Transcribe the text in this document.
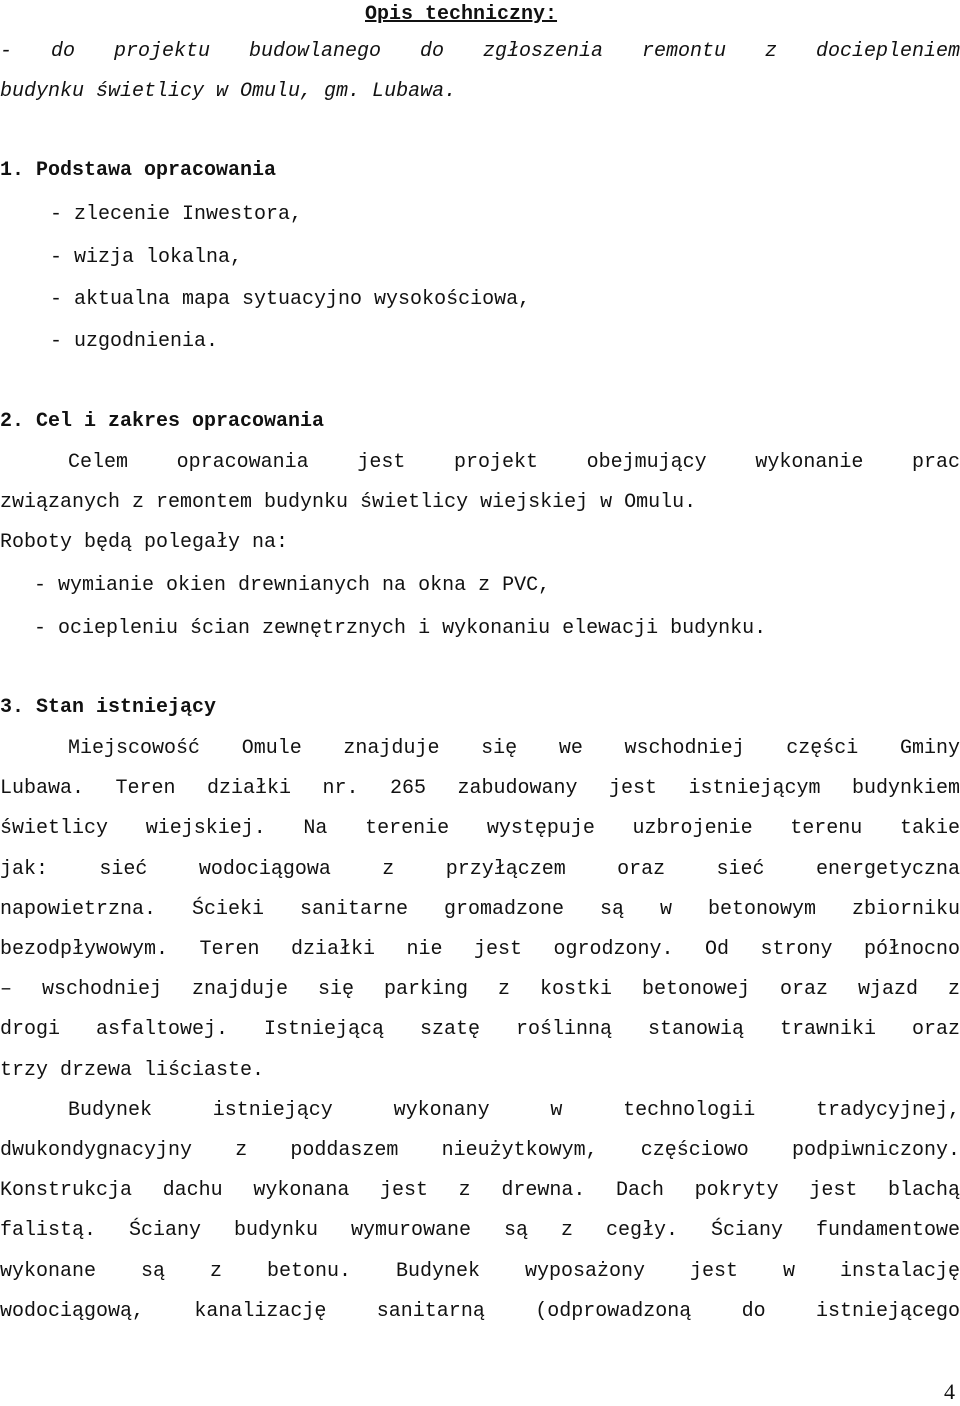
Opis techniczny:
- do projektu budowlanego do zgłoszenia remontu z dociepleniem
budynku świetlicy w Omulu, gm. Lubawa.
1. Podstawa opracowania
- zlecenie Inwestora,
- wizja lokalna,
- aktualna mapa sytuacyjno wysokościowa,
- uzgodnienia.
2. Cel i zakres opracowania
Celem opracowania jest projekt obejmujący wykonanie prac
związanych z remontem budynku świetlicy wiejskiej w Omulu.
Roboty będą polegały na:
- wymianie okien drewnianych na okna z PVC,
- ociepleniu ścian zewnętrznych i wykonaniu elewacji budynku.
3. Stan istniejący
Miejscowość Omule znajduje się we wschodniej części Gminy
Lubawa. Teren działki nr. 265 zabudowany jest istniejącym budynkiem
świetlicy wiejskiej. Na terenie występuje uzbrojenie terenu takie
jak: sieć wodociągowa z przyłączem oraz sieć energetyczna
napowietrzna. Ścieki sanitarne gromadzone są w betonowym zbiorniku
bezodpływowym. Teren działki nie jest ogrodzony. Od strony północno
– wschodniej znajduje się parking z kostki betonowej oraz wjazd z
drogi asfaltowej. Istniejącą szatę roślinną stanowią trawniki oraz
trzy drzewa liściaste.
Budynek istniejący wykonany w technologii tradycyjnej,
dwukondygnacyjny z poddaszem nieużytkowym, częściowo podpiwniczony.
Konstrukcja dachu wykonana jest z drewna. Dach pokryty jest blachą
falistą. Ściany budynku wymurowane są z cegły. Ściany fundamentowe
wykonane są z betonu. Budynek wyposażony jest w instalację
wodociągową, kanalizację sanitarną (odprowadzoną do istniejącego
4
